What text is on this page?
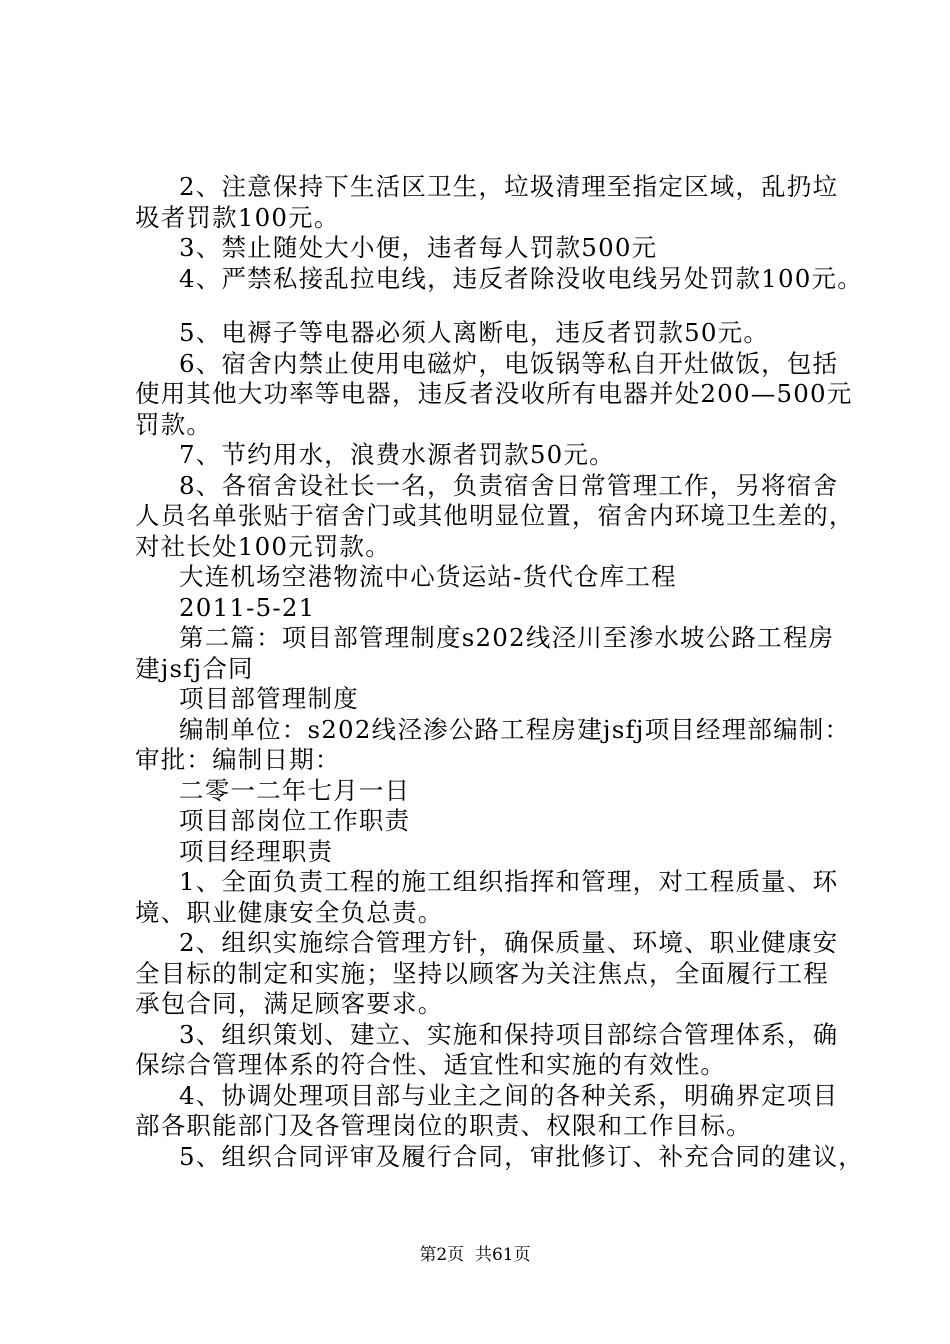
2、注意保持下生活区卫生，垃圾清理至指定区域，乱扔垃
圾者罚款100元。
3、禁止随处大小便，违者每人罚款500元
4、严禁私接乱拉电线，违反者除没收电线另处罚款100元。
5、电褥子等电器必须人离断电，违反者罚款50元。
6、宿舍内禁止使用电磁炉，电饭锅等私自开灶做饭，包括
使用其他大功率等电器，违反者没收所有电器并处200—500元
罚款。
7、节约用水，浪费水源者罚款50元。
8、各宿舍设社长一名，负责宿舍日常管理工作，另将宿舍
人员名单张贴于宿舍门或其他明显位置，宿舍内环境卫生差的，
对社长处100元罚款。
大连机场空港物流中心货运站-货代仓库工程
2011-5-21
第二篇：项目部管理制度s202线泾川至渗水坡公路工程房
建jsfj合同
项目部管理制度
编制单位：s202线泾渗公路工程房建jsfj项目经理部编制：
审批：编制日期：
二零一二年七月一日
项目部岗位工作职责
项目经理职责
1、全面负责工程的施工组织指挥和管理，对工程质量、环
境、职业健康安全负总责。
2、组织实施综合管理方针，确保质量、环境、职业健康安
全目标的制定和实施；坚持以顾客为关注焦点，全面履行工程
承包合同，满足顾客要求。
3、组织策划、建立、实施和保持项目部综合管理体系，确
保综合管理体系的符合性、适宜性和实施的有效性。
4、协调处理项目部与业主之间的各种关系，明确界定项目
部各职能部门及各管理岗位的职责、权限和工作目标。
5、组织合同评审及履行合同，审批修订、补充合同的建议，
第2页  共61页
